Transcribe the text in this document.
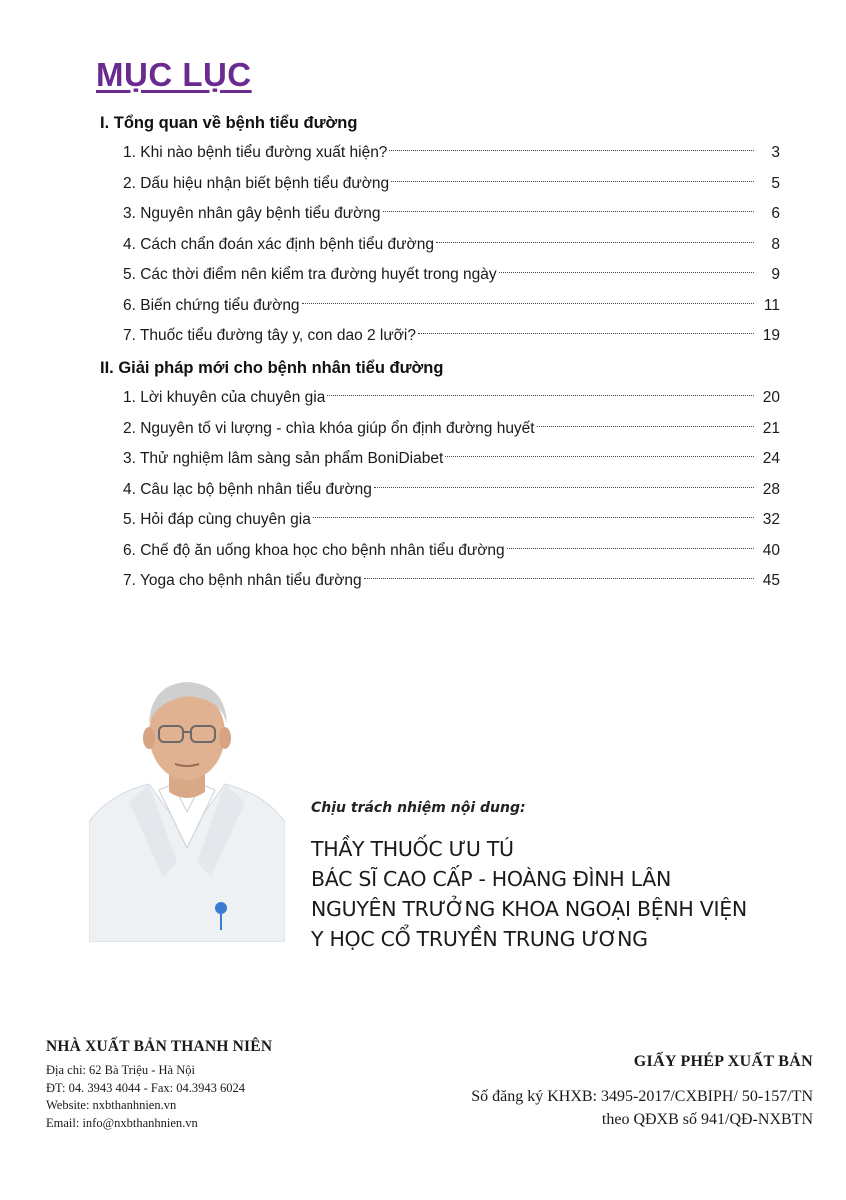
MỤC LỤC
I. Tổng quan về bệnh tiểu đường
1. Khi nào bệnh tiểu đường xuất hiện?	3
2. Dấu hiệu nhận biết bệnh tiểu đường	5
3. Nguyên nhân gây bệnh tiểu đường	6
4. Cách chẩn đoán xác định bệnh tiểu đường	8
5. Các thời điểm nên kiểm tra đường huyết trong ngày	9
6. Biến chứng tiểu đường	11
7. Thuốc tiểu đường tây y, con dao 2 lưỡi?	19
II. Giải pháp mới cho bệnh nhân tiểu đường
1. Lời khuyên của chuyên gia	20
2. Nguyên tố vi lượng - chìa khóa giúp ổn định đường huyết	21
3. Thử nghiệm lâm sàng sản phẩm BoniDiabet	24
4. Câu lạc bộ bệnh nhân tiểu đường	28
5. Hỏi đáp cùng chuyên gia	32
6. Chế độ ăn uống khoa học cho bệnh nhân tiểu đường	40
7. Yoga cho bệnh nhân tiểu đường	45
Chịu trách nhiệm nội dung:
THẦY THUỐC ƯU TÚ
BÁC SĨ CAO CẤP - HOÀNG ĐÌNH LÂN
NGUYÊN TRƯỞNG KHOA NGOẠI BỆNH VIỆN
Y HỌC CỔ TRUYỀN TRUNG ƯƠNG
NHÀ XUẤT BẢN THANH NIÊN
Địa chỉ: 62 Bà Triệu - Hà Nội
ĐT: 04. 3943 4044 - Fax: 04.3943 6024
Website: nxbthanhnien.vn
Email: info@nxbthanhnien.vn
GIẤY PHÉP XUẤT BẢN
Số đăng ký KHXB: 3495-2017/CXBIPH/ 50-157/TN
theo QĐXB số 941/QĐ-NXBTN
